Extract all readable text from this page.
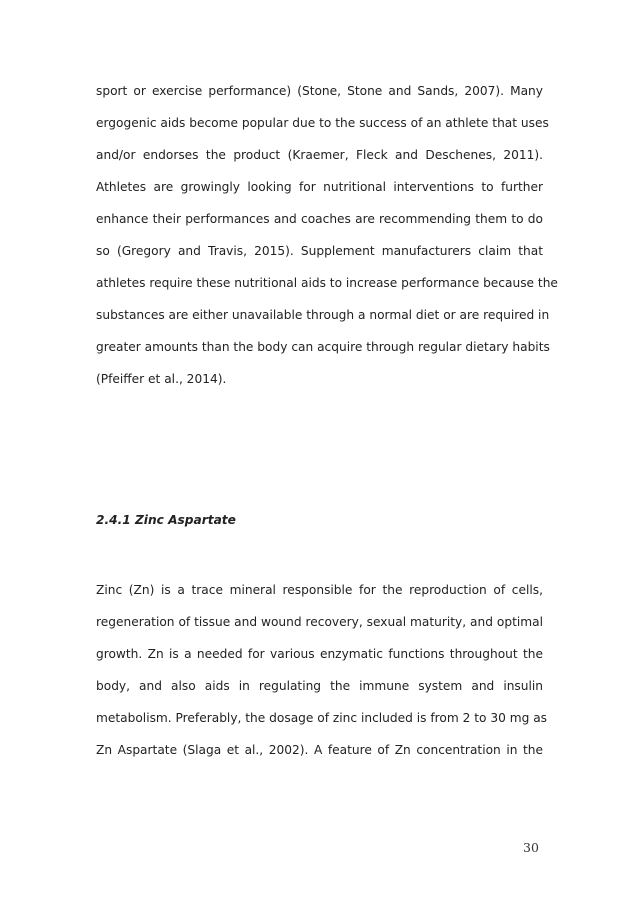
sport or exercise performance) (Stone, Stone and Sands, 2007). Many
ergogenic aids become popular due to the success of an athlete that uses
and/or endorses the product (Kraemer, Fleck and Deschenes, 2011).
Athletes are growingly looking for nutritional interventions to further
enhance their performances and coaches are recommending them to do
so (Gregory and Travis, 2015). Supplement manufacturers claim that
athletes require these nutritional aids to increase performance because the
substances are either unavailable through a normal diet or are required in
greater amounts than the body can acquire through regular dietary habits
(Pfeiffer et al., 2014).
2.4.1 Zinc Aspartate
Zinc (Zn) is a trace mineral responsible for the reproduction of cells,
regeneration of tissue and wound recovery, sexual maturity, and optimal
growth. Zn is a needed for various enzymatic functions throughout the
body, and also aids in regulating the immune system and insulin
metabolism. Preferably, the dosage of zinc included is from 2 to 30 mg as
Zn Aspartate (Slaga et al., 2002). A feature of Zn concentration in the
30
